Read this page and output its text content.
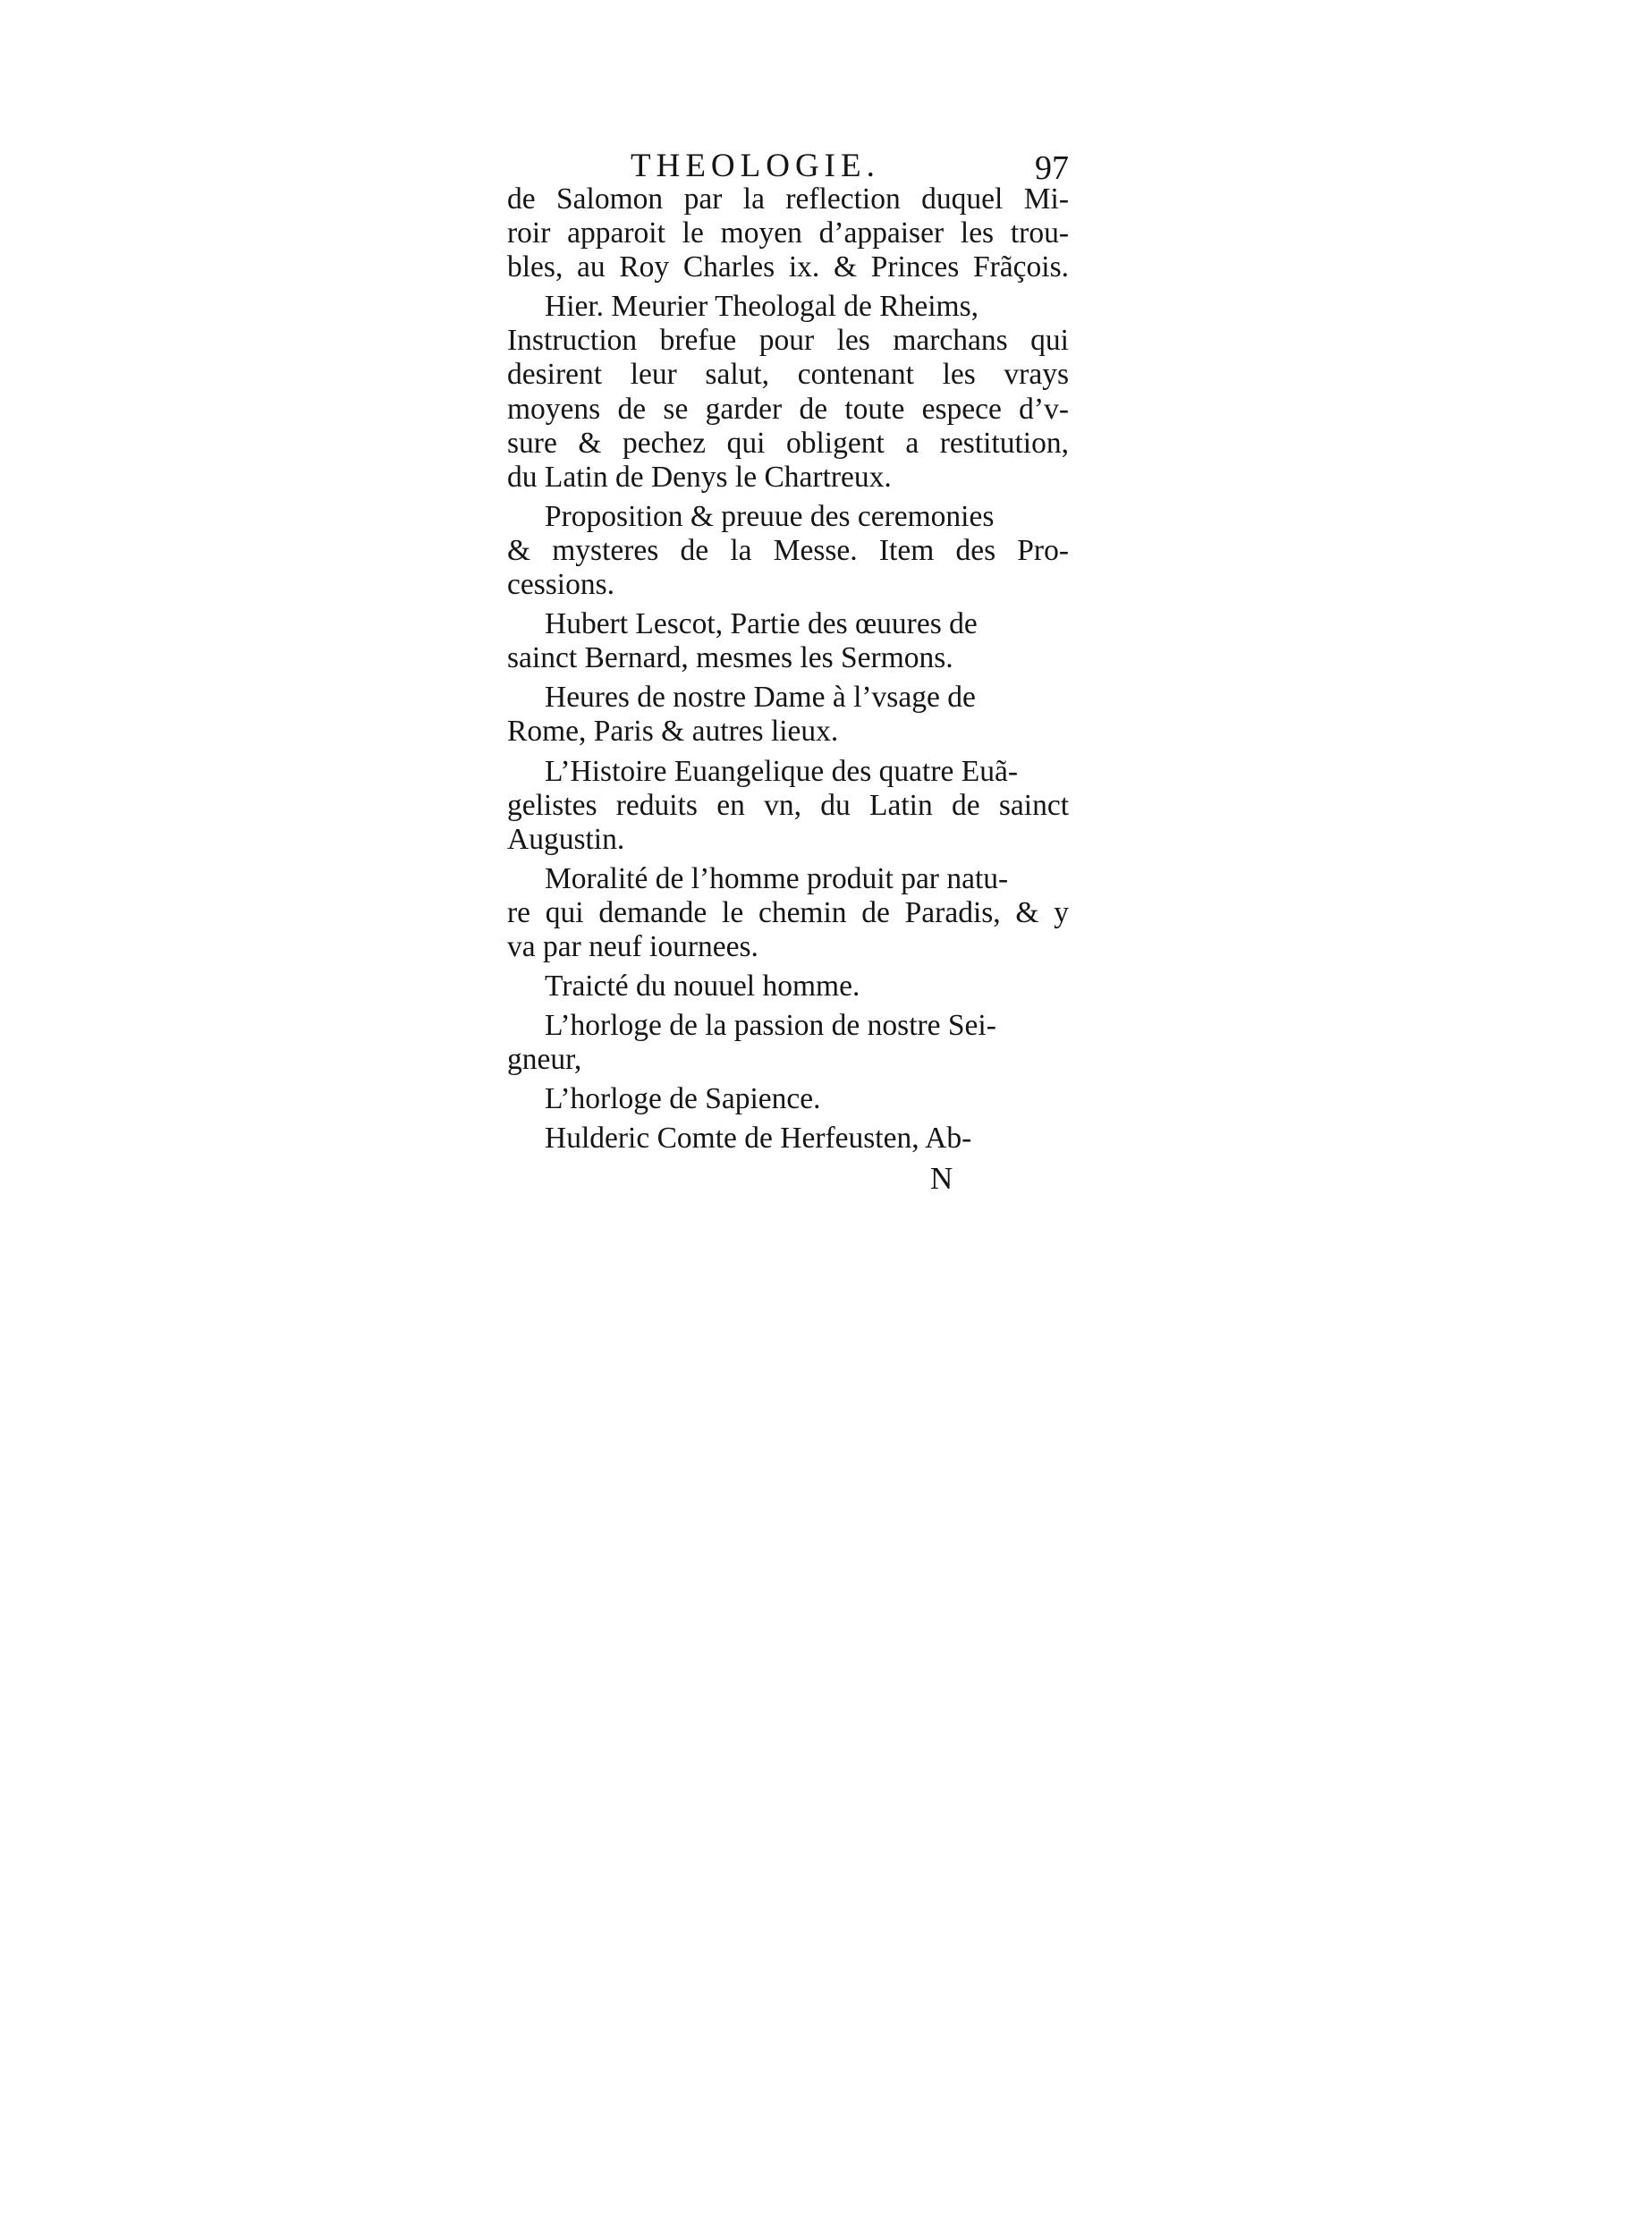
THEOLOGIE.	97
de Salomon par la reflection duquel Mi-
roir apparoit le moyen d’appaiser les trou-
bles, au Roy Charles ix. & Princes Frãçois.
Hier. Meurier Theologal de Rheims,
Instruction brefue pour les marchans qui
desirent leur salut, contenant les vrays
moyens de se garder de toute espece d’v-
sure & pechez qui obligent a restitution,
du Latin de Denys le Chartreux.
Proposition & preuue des ceremonies
& mysteres de la Messe. Item des Pro-
cessions.
Hubert Lescot, Partie des œuures de
sainct Bernard, mesmes les Sermons.
Heures de nostre Dame à l’vsage de
Rome, Paris & autres lieux.
L’Histoire Euangelique des quatre Euã-
gelistes reduits en vn, du Latin de sainct
Augustin.
Moralité de l’homme produit par natu-
re qui demande le chemin de Paradis, & y
va par neuf iournees.
Traicté du nouuel homme.
L’horloge de la passion de nostre Sei-
gneur,
L’horloge de Sapience.
Hulderic Comte de Herfeusten, Ab-
N
